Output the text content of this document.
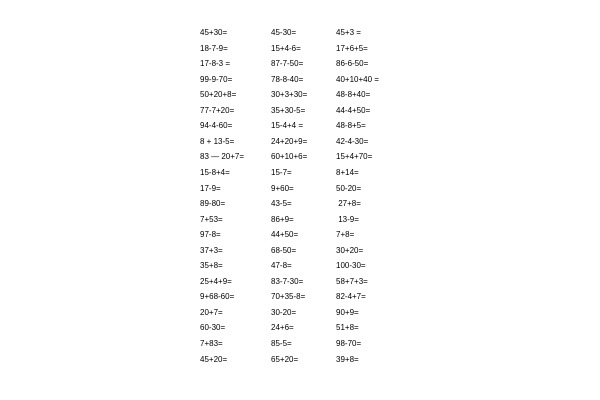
45+30=	45-30=	45+3 =
18-7-9=	15+4-6=	17+6+5=
17-8-3 =	87-7-50=	86-6-50=
99-9-70=	78-8-40=	40+10+40 =
50+20+8=	30+3+30=	48-8+40=
77-7+20=	35+30-5=	44-4+50=
94-4-60=	15-4+4 =	48-8+5=
8 + 13-5=	24+20+9=	42-4-30=
83 — 20+7=	60+10+6=	15+4+70=
15-8+4=	15-7=	8+14=
17-9=	9+60=	50-20=
89-80=	43-5=	27+8=
7+53=	86+9=	13-9=
97-8=	44+50=	7+8=
37+3=	68-50=	30+20=
35+8=	47-8=	100-30=
25+4+9=	83-7-30=	58+7+3=
9+68-60=	70+35-8=	82-4+7=
20+7=	30-20=	90+9=
60-30=	24+6=	51+8=
7+83=	85-5=	98-70=
45+20=	65+20=	39+8=
